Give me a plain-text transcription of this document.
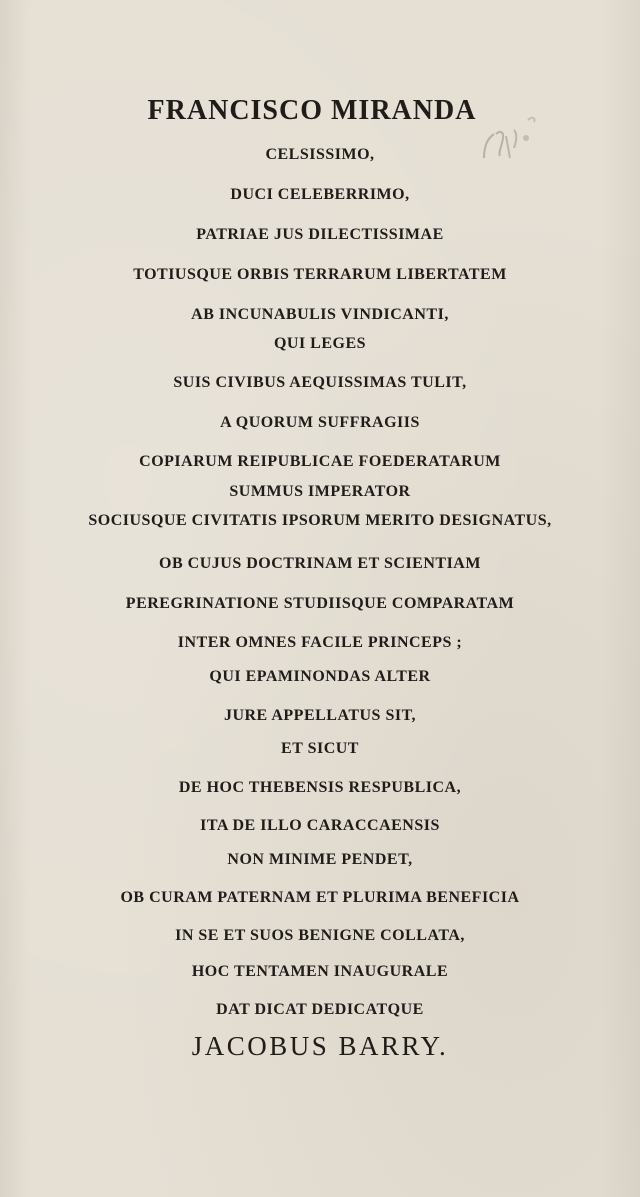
FRANCISCO MIRANDA
CELSISSIMO,
DUCI CELEBERRIMO,
PATRIAE JUS DILECTISSIMAE
TOTIUSQUE ORBIS TERRARUM LIBERTATEM
AB INCUNABULIS VINDICANTI,
QUI LEGES
SUIS CIVIBUS AEQUISSIMAS TULIT,
A QUORUM SUFFRAGIIS
COPIARUM REIPUBLICAE FOEDERATARUM
SUMMUS IMPERATOR
SOCIUSQUE CIVITATIS IPSORUM MERITO DESIGNATUS,
OB CUJUS DOCTRINAM ET SCIENTIAM
PEREGRINATIONE STUDIISQUE COMPARATAM
INTER OMNES FACILE PRINCEPS ;
QUI EPAMINONDAS ALTER
JURE APPELLATUS SIT,
ET SICUT
DE HOC THEBENSIS RESPUBLICA,
ITA DE ILLO CARACCAENSIS
NON MINIME PENDET,
OB CURAM PATERNAM ET PLURIMA BENEFICIA
IN SE ET SUOS BENIGNE COLLATA,
HOC TENTAMEN INAUGURALE
DAT DICAT DEDICATQUE
JACOBUS BARRY.
